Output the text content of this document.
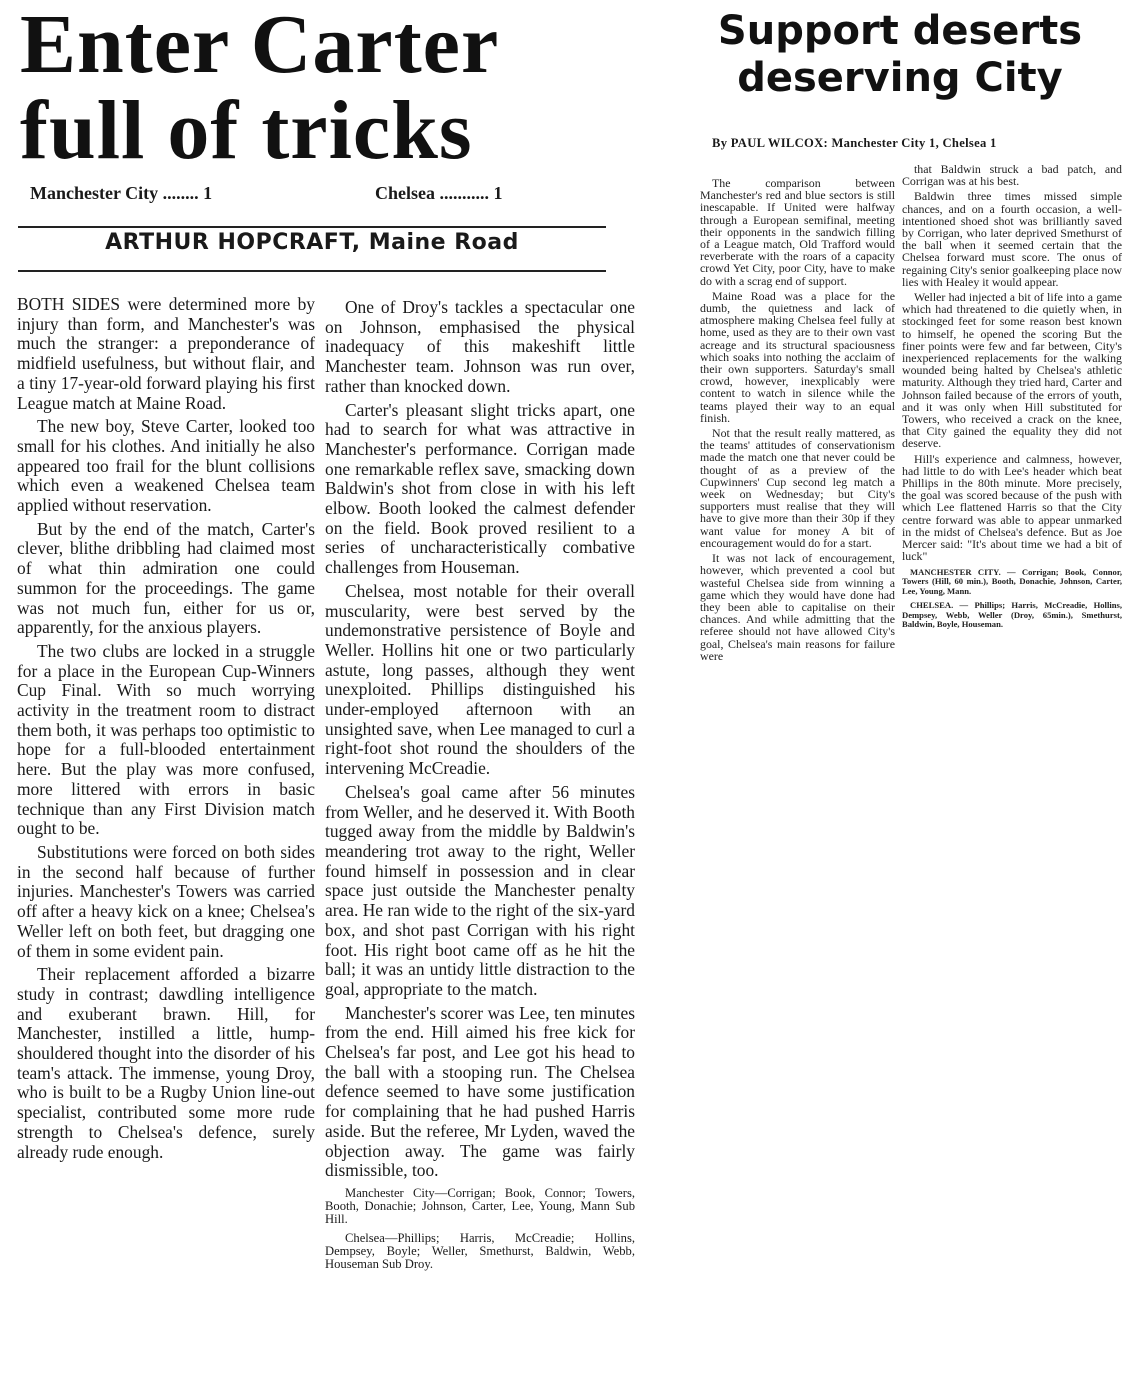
Enter Carter
full of tricks
Manchester City ........ 1	Chelsea ........... 1
ARTHUR HOPCRAFT, Maine Road

BOTH SIDES were determined more by injury than form, and Manchester's was much the stranger: a preponderance of midfield usefulness, but without flair, and a tiny 17-year-old forward playing his first League match at Maine Road.

The new boy, Steve Carter, looked too small for his clothes. And initially he also appeared too frail for the blunt collisions which even a weakened Chelsea team applied without reservation.

But by the end of the match, Carter's clever, blithe dribbling had claimed most of what thin admiration one could summon for the proceedings. The game was not much fun, either for us or, apparently, for the anxious players.

The two clubs are locked in a struggle for a place in the European Cup-Winners Cup Final. With so much worrying activity in the treatment room to distract them both, it was perhaps too optimistic to hope for a full-blooded entertainment here. But the play was more confused, more littered with errors in basic technique than any First Division match ought to be.

Substitutions were forced on both sides in the second half because of further injuries. Manchester's Towers was carried off after a heavy kick on a knee; Chelsea's Weller left on both feet, but dragging one of them in some evident pain.

Their replacement afforded a bizarre study in contrast; dawdling intelligence and exuberant brawn. Hill, for Manchester, instilled a little, hump-shouldered thought into the disorder of his team's attack. The immense, young Droy, who is built to be a Rugby Union line-out specialist, contributed some more rude strength to Chelsea's defence, surely already rude enough.

One of Droy's tackles a spectacular one on Johnson, emphasised the physical inadequacy of this makeshift little Manchester team. Johnson was run over, rather than knocked down.

Carter's pleasant slight tricks apart, one had to search for what was attractive in Manchester's performance. Corrigan made one remarkable reflex save, smacking down Baldwin's shot from close in with his left elbow. Booth looked the calmest defender on the field. Book proved resilient to a series of uncharacteristically combative challenges from Houseman.

Chelsea, most notable for their overall muscularity, were best served by the undemonstrative persistence of Boyle and Weller. Hollins hit one or two particularly astute, long passes, although they went unexploited. Phillips distinguished his under-employed afternoon with an unsighted save, when Lee managed to curl a right-foot shot round the shoulders of the intervening McCreadie.

Chelsea's goal came after 56 minutes from Weller, and he deserved it. With Booth tugged away from the middle by Baldwin's meandering trot away to the right, Weller found himself in possession and in clear space just outside the Manchester penalty area. He ran wide to the right of the six-yard box, and shot past Corrigan with his right foot. His right boot came off as he hit the ball; it was an untidy little distraction to the goal, appropriate to the match.

Manchester's scorer was Lee, ten minutes from the end. Hill aimed his free kick for Chelsea's far post, and Lee got his head to the ball with a stooping run. The Chelsea defence seemed to have some justification for complaining that he had pushed Harris aside. But the referee, Mr Lyden, waved the objection away. The game was fairly dismissible, too.

Manchester City—Corrigan; Book, Connor; Towers, Booth, Donachie; Johnson, Carter, Lee, Young, Mann Sub Hill.

Chelsea—Phillips; Harris, McCreadie; Hollins, Dempsey, Boyle; Weller, Smethurst, Baldwin, Webb, Houseman Sub Droy.

Support deserts
deserving City
By PAUL WILCOX: Manchester City 1, Chelsea 1

The comparison between Manchester's red and blue sectors is still inescapable. If United were halfway through a European semifinal, meeting their opponents in the sandwich filling of a League match, Old Trafford would reverberate with the roars of a capacity crowd Yet City, poor City, have to make do with a scrag end of support.

Maine Road was a place for the dumb, the quietness and lack of atmosphere making Chelsea feel fully at home, used as they are to their own vast acreage and its structural spaciousness which soaks into nothing the acclaim of their own supporters. Saturday's small crowd, however, inexplicably were content to watch in silence while the teams played their way to an equal finish.

Not that the result really mattered, as the teams' attitudes of conservationism made the match one that never could be thought of as a preview of the Cupwinners' Cup second leg match a week on Wednesday; but City's supporters must realise that they will have to give more than their 30p if they want value for money A bit of encouragement would do for a start.

It was not lack of encouragement, however, which prevented a cool but wasteful Chelsea side from winning a game which they would have done had they been able to capitalise on their chances. And while admitting that the referee should not have allowed City's goal, Chelsea's main reasons for failure were

that Baldwin struck a bad patch, and Corrigan was at his best.

Baldwin three times missed simple chances, and on a fourth occasion, a well-intentioned shoed shot was brilliantly saved by Corrigan, who later deprived Smethurst of the ball when it seemed certain that the Chelsea forward must score. The onus of regaining City's senior goalkeeping place now lies with Healey it would appear.

Weller had injected a bit of life into a game which had threatened to die quietly when, in stockinged feet for some reason best known to himself, he opened the scoring But the finer points were few and far between, City's inexperienced replacements for the walking wounded being halted by Chelsea's athletic maturity. Although they tried hard, Carter and Johnson failed because of the errors of youth, and it was only when Hill substituted for Towers, who received a crack on the knee, that City gained the equality they did not deserve.

Hill's experience and calmness, however, had little to do with Lee's header which beat Phillips in the 80th minute. More precisely, the goal was scored because of the push with which Lee flattened Harris so that the City centre forward was able to appear unmarked in the midst of Chelsea's defence. But as Joe Mercer said: "It's about time we had a bit of luck"

MANCHESTER CITY. — Corrigan; Book, Connor, Towers (Hill, 60 min.), Booth, Donachie, Johnson, Carter, Lee, Young, Mann.

CHELSEA. — Phillips; Harris, McCreadie, Hollins, Dempsey, Webb, Weller (Droy, 65min.), Smethurst, Baldwin, Boyle, Houseman.
